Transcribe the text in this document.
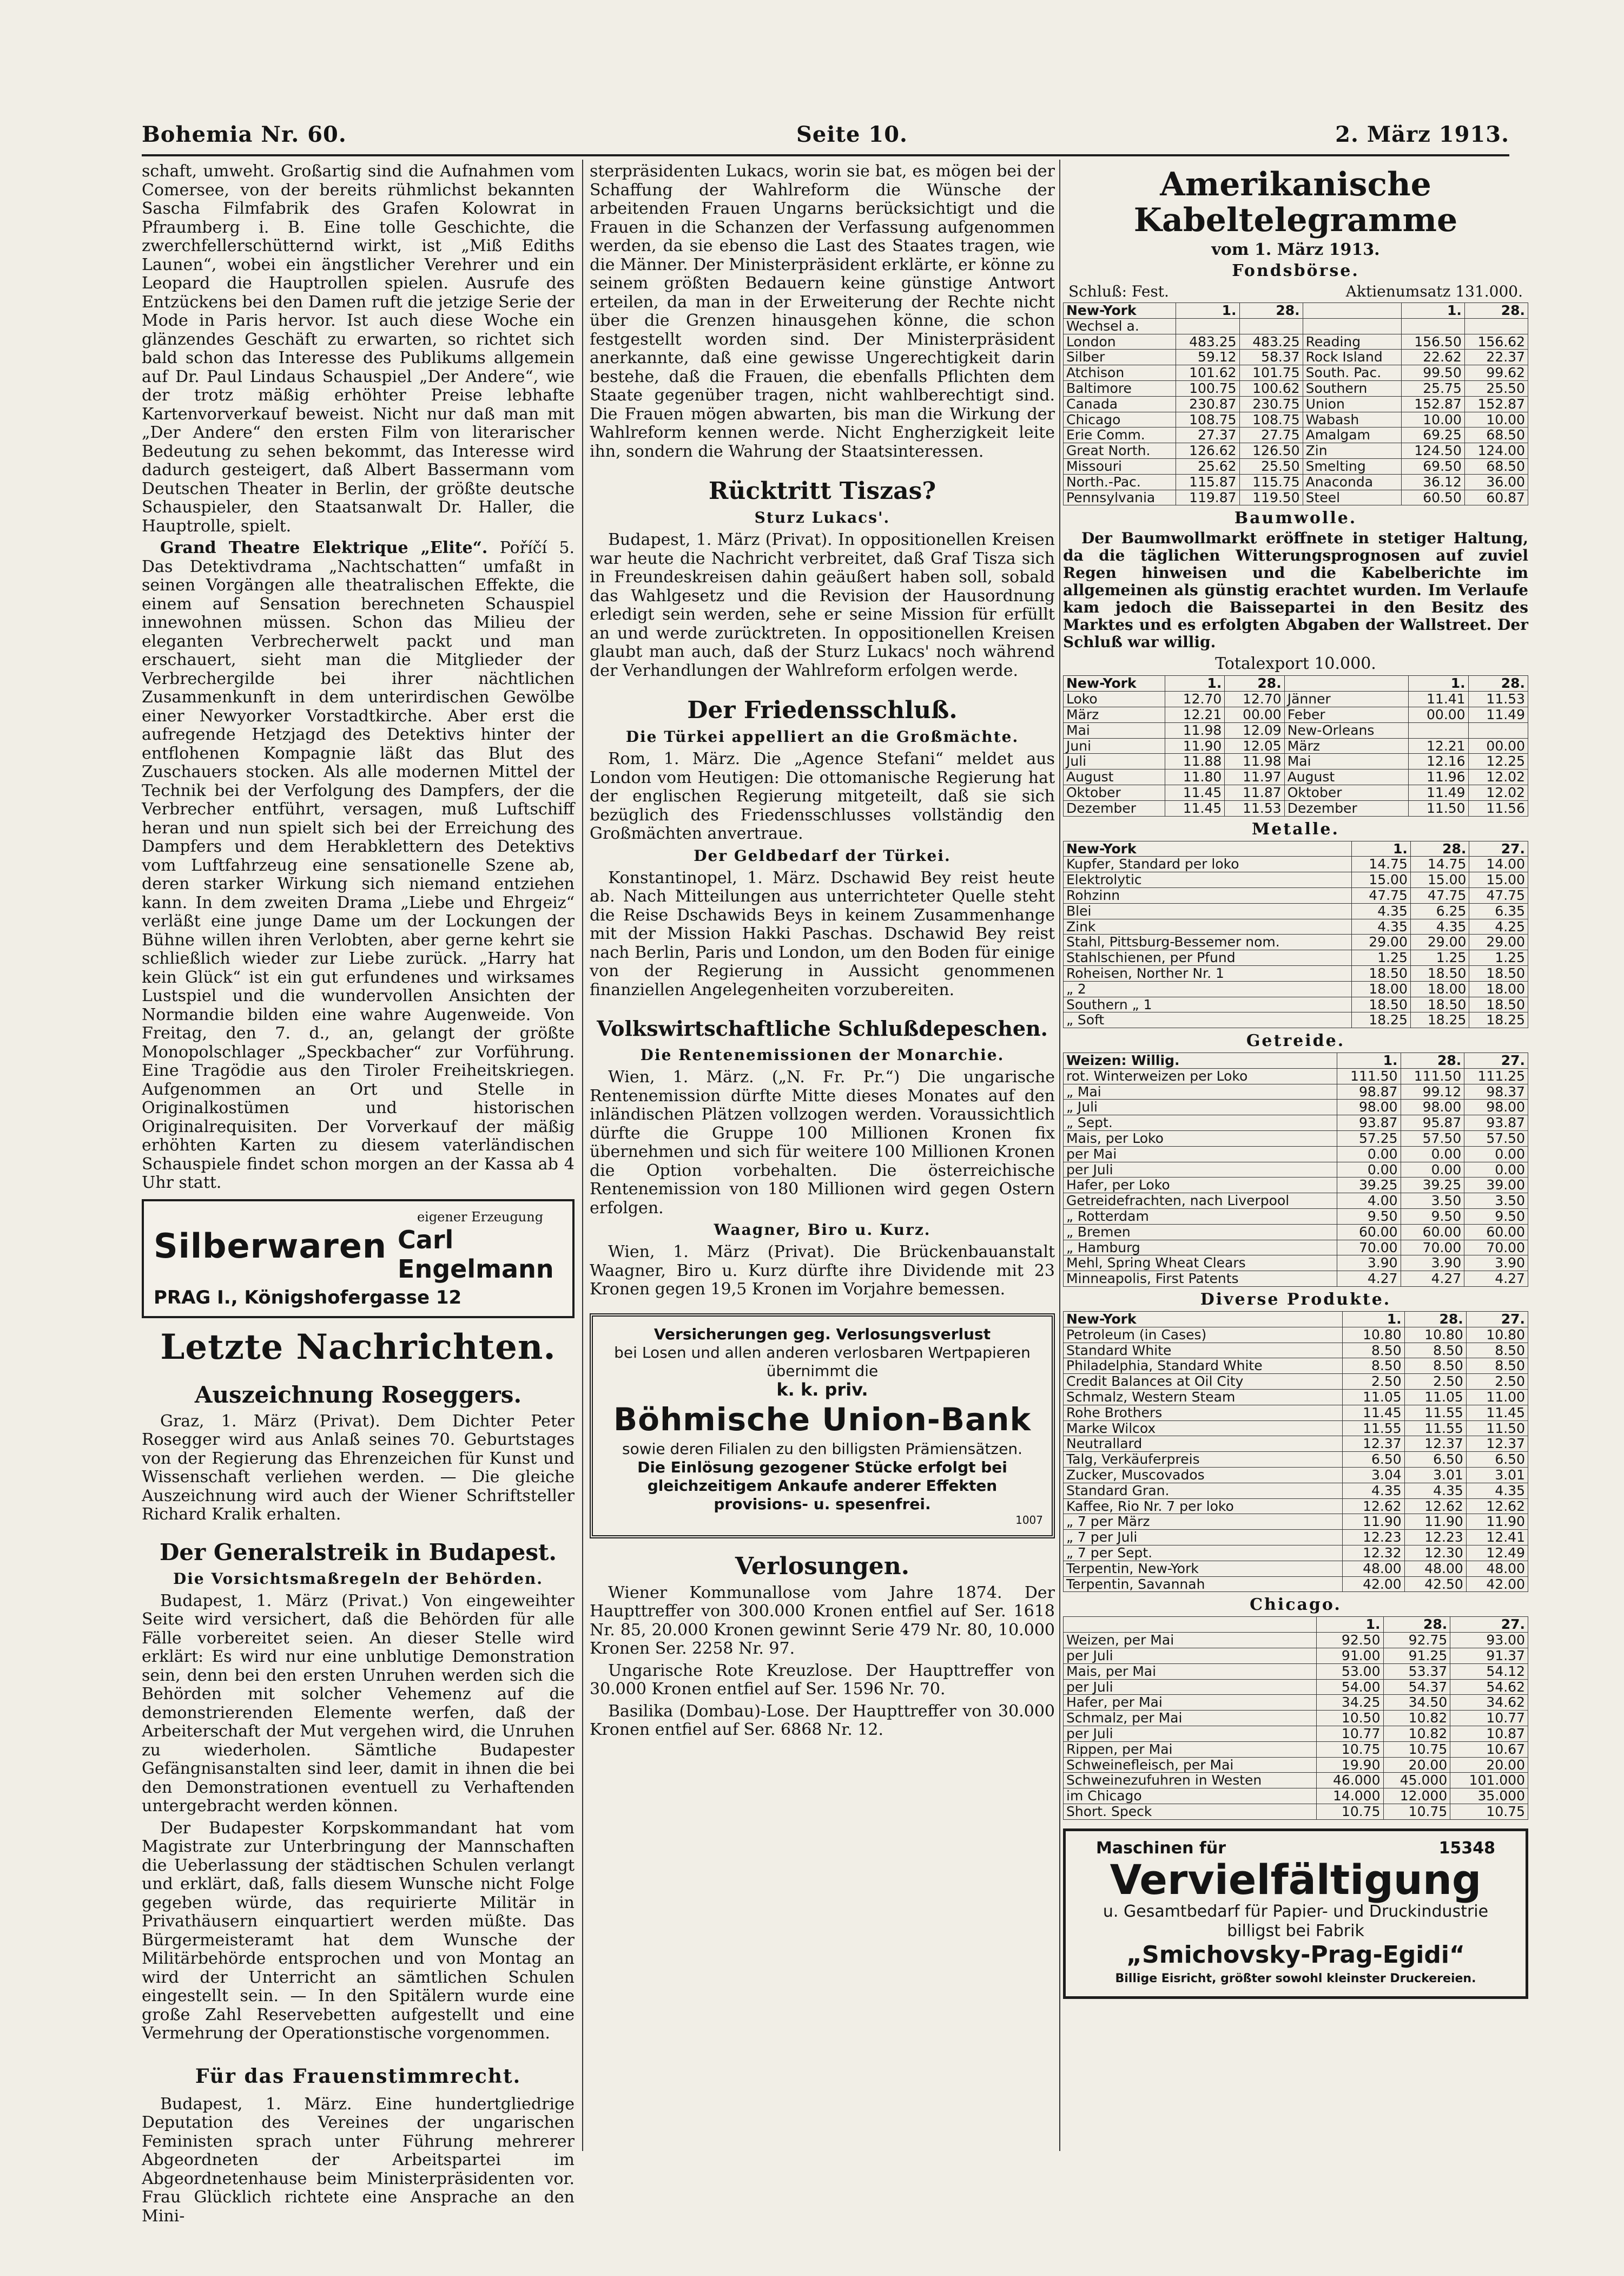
Bohemia Nr. 60.	Seite 10.	2. März 1913.

schaft, umweht. Großartig sind die Aufnahmen vom Comersee, von der bereits rühmlichst bekannten Sascha Filmfabrik des Grafen Kolowrat in Pfraumberg i. B. Eine tolle Geschichte, die zwerchfellerschütternd wirkt, ist „Miß Ediths Launen“, wobei ein ängstlicher Verehrer und ein Leopard die Hauptrollen spielen. Ausrufe des Entzückens bei den Damen ruft die jetzige Serie der Mode in Paris hervor. Ist auch diese Woche ein glänzendes Geschäft zu erwarten, so richtet sich bald schon das Interesse des Publikums allgemein auf Dr. Paul Lindaus Schauspiel „Der Andere“, wie der trotz mäßig erhöhter Preise lebhafte Kartenvorverkauf beweist. Nicht nur daß man mit „Der Andere“ den ersten Film von literarischer Bedeutung zu sehen bekommt, das Interesse wird dadurch gesteigert, daß Albert Bassermann vom Deutschen Theater in Berlin, der größte deutsche Schauspieler, den Staatsanwalt Dr. Haller, die Hauptrolle, spielt.

Grand Theatre Elektrique „Elite“. Poříčí 5. Das Detektivdrama „Nachtschatten“ umfaßt in seinen Vorgängen alle theatralischen Effekte, die einem auf Sensation berechneten Schauspiel innewohnen müssen. Schon das Milieu der eleganten Verbrecherwelt packt und man erschauert, sieht man die Mitglieder der Verbrechergilde bei ihrer nächtlichen Zusammenkunft in dem unterirdischen Gewölbe einer Newyorker Vorstadtkirche. Aber erst die aufregende Hetzjagd des Detektivs hinter der entflohenen Kompagnie läßt das Blut des Zuschauers stocken. Als alle modernen Mittel der Technik bei der Verfolgung des Dampfers, der die Verbrecher entführt, versagen, muß Luftschiff heran und nun spielt sich bei der Erreichung des Dampfers und dem Herabklettern des Detektivs vom Luftfahrzeug eine sensationelle Szene ab, deren starker Wirkung sich niemand entziehen kann. In dem zweiten Drama „Liebe und Ehrgeiz“ verläßt eine junge Dame um der Lockungen der Bühne willen ihren Verlobten, aber gerne kehrt sie schließlich wieder zur Liebe zurück. „Harry hat kein Glück“ ist ein gut erfundenes und wirksames Lustspiel und die wundervollen Ansichten der Normandie bilden eine wahre Augenweide. Von Freitag, den 7. d., an, gelangt der größte Monopolschlager „Speckbacher“ zur Vorführung. Eine Tragödie aus den Tiroler Freiheitskriegen. Aufgenommen an Ort und Stelle in Originalkostümen und historischen Originalrequisiten. Der Vorverkauf der mäßig erhöhten Karten zu diesem vaterländischen Schauspiele findet schon morgen an der Kassa ab 4 Uhr statt.

Silberwaren
eigener Erzeugung
Carl Engelmann
PRAG I., Königshofergasse 12
Letzte Nachrichten.
Auszeichnung Roseggers.

Graz, 1. März (Privat). Dem Dichter Peter Rosegger wird aus Anlaß seines 70. Geburtstages von der Regierung das Ehrenzeichen für Kunst und Wissenschaft verliehen werden. — Die gleiche Auszeichnung wird auch der Wiener Schriftsteller Richard Kralik erhalten.

Der Generalstreik in Budapest.
Die Vorsichtsmaßregeln der Behörden.

Budapest, 1. März (Privat.) Von eingeweihter Seite wird versichert, daß die Behörden für alle Fälle vorbereitet seien. An dieser Stelle wird erklärt: Es wird nur eine unblutige Demonstration sein, denn bei den ersten Unruhen werden sich die Behörden mit solcher Vehemenz auf die demonstrierenden Elemente werfen, daß der Arbeiterschaft der Mut vergehen wird, die Unruhen zu wiederholen. Sämtliche Budapester Gefängnisanstalten sind leer, damit in ihnen die bei den Demonstrationen eventuell zu Verhaftenden untergebracht werden können.

Der Budapester Korpskommandant hat vom Magistrate zur Unterbringung der Mannschaften die Ueberlassung der städtischen Schulen verlangt und erklärt, daß, falls diesem Wunsche nicht Folge gegeben würde, das requirierte Militär in Privathäusern einquartiert werden müßte. Das Bürgermeisteramt hat dem Wunsche der Militärbehörde entsprochen und von Montag an wird der Unterricht an sämtlichen Schulen eingestellt sein. — In den Spitälern wurde eine große Zahl Reservebetten aufgestellt und eine Vermehrung der Operationstische vorgenommen.

Für das Frauenstimmrecht.

Budapest, 1. März. Eine hundertgliedrige Deputation des Vereines der ungarischen Feministen sprach unter Führung mehrerer Abgeordneten der Arbeitspartei im Abgeordnetenhause beim Ministerpräsidenten vor. Frau Glücklich richtete eine Ansprache an den Mini-

sterpräsidenten Lukacs, worin sie bat, es mögen bei der Schaffung der Wahlreform die Wünsche der arbeitenden Frauen Ungarns berücksichtigt und die Frauen in die Schanzen der Verfassung aufgenommen werden, da sie ebenso die Last des Staates tragen, wie die Männer. Der Ministerpräsident erklärte, er könne zu seinem größten Bedauern keine günstige Antwort erteilen, da man in der Erweiterung der Rechte nicht über die Grenzen hinausgehen könne, die schon festgestellt worden sind. Der Ministerpräsident anerkannte, daß eine gewisse Ungerechtigkeit darin bestehe, daß die Frauen, die ebenfalls Pflichten dem Staate gegenüber tragen, nicht wahlberechtigt sind. Die Frauen mögen abwarten, bis man die Wirkung der Wahlreform kennen werde. Nicht Engherzigkeit leite ihn, sondern die Wahrung der Staatsinteressen.

Rücktritt Tiszas?
Sturz Lukacs'.

Budapest, 1. März (Privat). In oppositionellen Kreisen war heute die Nachricht verbreitet, daß Graf Tisza sich in Freundeskreisen dahin geäußert haben soll, sobald das Wahlgesetz und die Revision der Hausordnung erledigt sein werden, sehe er seine Mission für erfüllt an und werde zurücktreten. In oppositionellen Kreisen glaubt man auch, daß der Sturz Lukacs' noch während der Verhandlungen der Wahlreform erfolgen werde.

Der Friedensschluß.
Die Türkei appelliert an die Großmächte.

Rom, 1. März. Die „Agence Stefani“ meldet aus London vom Heutigen: Die ottomanische Regierung hat der englischen Regierung mitgeteilt, daß sie sich bezüglich des Friedensschlusses vollständig den Großmächten anvertraue.

Der Geldbedarf der Türkei.

Konstantinopel, 1. März. Dschawid Bey reist heute ab. Nach Mitteilungen aus unterrichteter Quelle steht die Reise Dschawids Beys in keinem Zusammenhange mit der Mission Hakki Paschas. Dschawid Bey reist nach Berlin, Paris und London, um den Boden für einige von der Regierung in Aussicht genommenen finanziellen Angelegenheiten vorzubereiten.

Volkswirtschaftliche Schlußdepeschen.
Die Rentenemissionen der Monarchie.

Wien, 1. März. („N. Fr. Pr.“) Die ungarische Rentenemission dürfte Mitte dieses Monates auf den inländischen Plätzen vollzogen werden. Voraussichtlich dürfte die Gruppe 100 Millionen Kronen fix übernehmen und sich für weitere 100 Millionen Kronen die Option vorbehalten. Die österreichische Rentenemission von 180 Millionen wird gegen Ostern erfolgen.

Waagner, Biro u. Kurz.

Wien, 1. März (Privat). Die Brückenbauanstalt Waagner, Biro u. Kurz dürfte ihre Dividende mit 23 Kronen gegen 19,5 Kronen im Vorjahre bemessen.

Versicherungen geg. Verlosungsverlust
bei Losen und allen anderen verlosbaren Wertpapieren übernimmt die
k. k. priv.
Böhmische Union-Bank
sowie deren Filialen zu den billigsten Prämiensätzen.
Die Einlösung gezogener Stücke erfolgt bei gleichzeitigem Ankaufe anderer Effekten provisions- u. spesenfrei.
1007
Verlosungen.

Wiener Kommunallose vom Jahre 1874. Der Haupttreffer von 300.000 Kronen entfiel auf Ser. 1618 Nr. 85, 20.000 Kronen gewinnt Serie 479 Nr. 80, 10.000 Kronen Ser. 2258 Nr. 97.

Ungarische Rote Kreuzlose. Der Haupttreffer von 30.000 Kronen entfiel auf Ser. 1596 Nr. 70.

Basilika (Dombau)-Lose. Der Haupttreffer von 30.000 Kronen entfiel auf Ser. 6868 Nr. 12.

Amerikanische Kabeltelegramme
vom 1. März 1913.
Fondsbörse.
Schluß: Fest.	Aktienumsatz 131.000.
New-York	1.	28.		1.	28.
Wechsel a.					
London	483.25	483.25	Reading	156.50	156.62
Silber	59.12	58.37	Rock Island	22.62	22.37
Atchison	101.62	101.75	South. Pac.	99.50	99.62
Baltimore	100.75	100.62	Southern	25.75	25.50
Canada	230.87	230.75	Union	152.87	152.87
Chicago	108.75	108.75	Wabash	10.00	10.00
Erie Comm.	27.37	27.75	Amalgam	69.25	68.50
Great North.	126.62	126.50	Zin	124.50	124.00
Missouri	25.62	25.50	Smelting	69.50	68.50
North.-Pac.	115.87	115.75	Anaconda	36.12	36.00
Pennsylvania	119.87	119.50	Steel	60.50	60.87
Baumwolle.

Der Baumwollmarkt eröffnete in stetiger Haltung, da die täglichen Witterungsprognosen auf zuviel Regen hinweisen und die Kabelberichte im allgemeinen als günstig erachtet wurden. Im Verlaufe kam jedoch die Baissepartei in den Besitz des Marktes und es erfolgten Abgaben der Wallstreet. Der Schluß war willig.

Totalexport 10.000.
New-York	1.	28.		1.	28.
Loko	12.70	12.70	Jänner	11.41	11.53
März	12.21	00.00	Feber	00.00	11.49
Mai	11.98	12.09	New-Orleans		
Juni	11.90	12.05	März	12.21	00.00
Juli	11.88	11.98	Mai	12.16	12.25
August	11.80	11.97	August	11.96	12.02
Oktober	11.45	11.87	Oktober	11.49	12.02
Dezember	11.45	11.53	Dezember	11.50	11.56
Metalle.
New-York	1.	28.	27.
Kupfer, Standard per loko	14.75	14.75	14.00
Elektrolytic	15.00	15.00	15.00
Rohzinn	47.75	47.75	47.75
Blei	4.35	6.25	6.35
Zink	4.35	4.35	4.25
Stahl, Pittsburg-Bessemer nom.	29.00	29.00	29.00
Stahlschienen, per Pfund	1.25	1.25	1.25
Roheisen, Norther Nr. 1	18.50	18.50	18.50
„ 2	18.00	18.00	18.00
Southern „ 1	18.50	18.50	18.50
„ Soft	18.25	18.25	18.25
Getreide.
Weizen: Willig.	1.	28.	27.
rot. Winterweizen per Loko	111.50	111.50	111.25
„ Mai	98.87	99.12	98.37
„ Juli	98.00	98.00	98.00
„ Sept.	93.87	95.87	93.87
Mais, per Loko	57.25	57.50	57.50
per Mai	0.00	0.00	0.00
per Juli	0.00	0.00	0.00
Hafer, per Loko	39.25	39.25	39.00
Getreidefrachten, nach Liverpool	4.00	3.50	3.50
„ Rotterdam	9.50	9.50	9.50
„ Bremen	60.00	60.00	60.00
„ Hamburg	70.00	70.00	70.00
Mehl, Spring Wheat Clears	3.90	3.90	3.90
Minneapolis, First Patents	4.27	4.27	4.27
Diverse Produkte.
New-York	1.	28.	27.
Petroleum (in Cases)	10.80	10.80	10.80
Standard White	8.50	8.50	8.50
Philadelphia, Standard White	8.50	8.50	8.50
Credit Balances at Oil City	2.50	2.50	2.50
Schmalz, Western Steam	11.05	11.05	11.00
Rohe Brothers	11.45	11.55	11.45
Marke Wilcox	11.55	11.55	11.50
Neutrallard	12.37	12.37	12.37
Talg, Verkäuferpreis	6.50	6.50	6.50
Zucker, Muscovados	3.04	3.01	3.01
Standard Gran.	4.35	4.35	4.35
Kaffee, Rio Nr. 7 per loko	12.62	12.62	12.62
„ 7 per März	11.90	11.90	11.90
„ 7 per Juli	12.23	12.23	12.41
„ 7 per Sept.	12.32	12.30	12.49
Terpentin, New-York	48.00	48.00	48.00
Terpentin, Savannah	42.00	42.50	42.00
Chicago.
	1.	28.	27.
Weizen, per Mai	92.50	92.75	93.00
per Juli	91.00	91.25	91.37
Mais, per Mai	53.00	53.37	54.12
per Juli	54.00	54.37	54.62
Hafer, per Mai	34.25	34.50	34.62
Schmalz, per Mai	10.50	10.82	10.77
per Juli	10.77	10.82	10.87
Rippen, per Mai	10.75	10.75	10.67
Schweinefleisch, per Mai	19.90	20.00	20.00
Schweinezufuhren in Westen	46.000	45.000	101.000
im Chicago	14.000	12.000	35.000
Short. Speck	10.75	10.75	10.75
Maschinen für	15348
Vervielfältigung
u. Gesamtbedarf für Papier- und Druckindustrie billigst bei Fabrik
„Smichovsky-Prag-Egidi“
Billige Eisricht, größter sowohl kleinster Druckereien.
